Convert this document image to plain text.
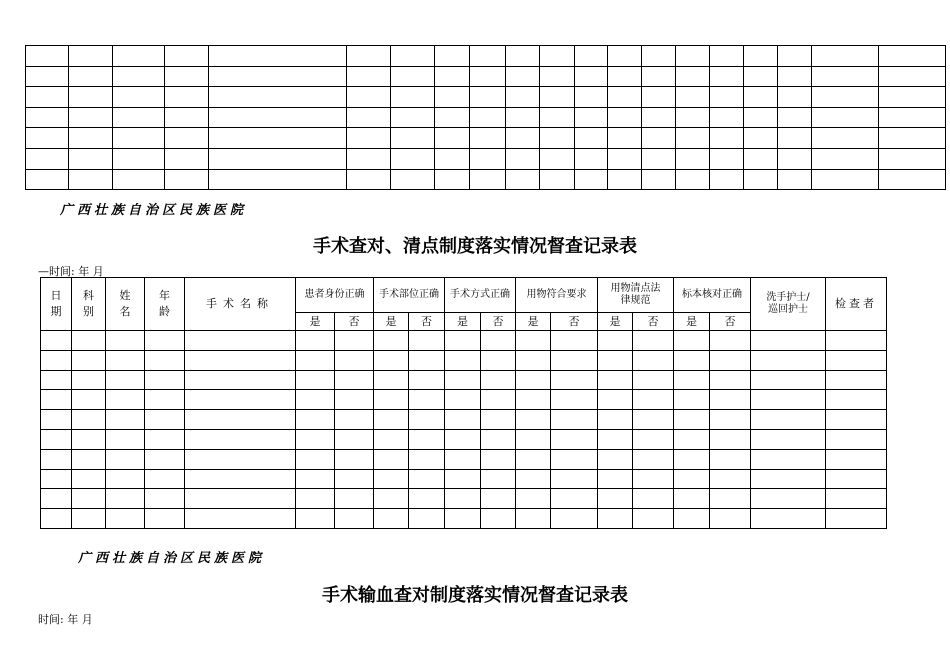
广西壮族自治区民族医院
手术查对、清点制度落实情况督查记录表
—时间: 年 月
日期	科别	姓名	年龄	手术名称	患者身份正确		手术部位正确		手术方式正确		用物符合要求		用物清点法律规范		标本核对正确		洗手护士/巡回护士	检查者
					是	否	是	否	是	否	是	否	是	否	是	否		

广西壮族自治区民族医院
手术输血查对制度落实情况督查记录表
时间: 年 月
